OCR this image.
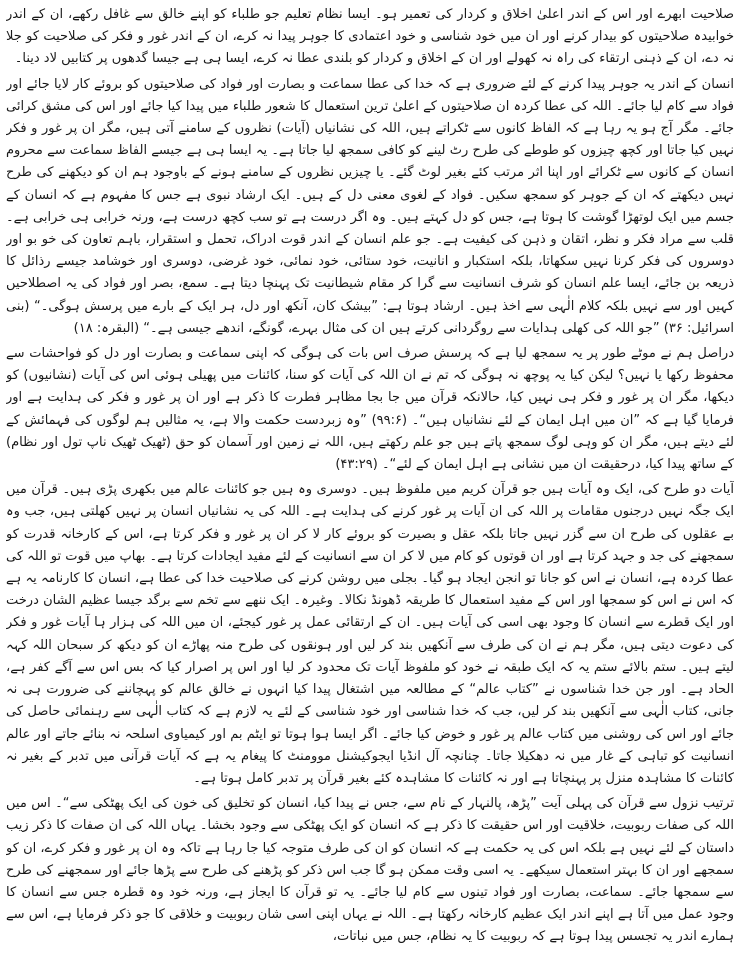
صلاحیت ابھرے اور اس کے اندر اعلیٰ اخلاق و کردار کی تعمیر ہو۔ ایسا نظام تعلیم جو طلباء کو اپنے خالق سے غافل رکھے، ان کے اندر خوابیدہ صلاحیتوں کو بیدار کرنے اور ان میں خود شناسی و خود اعتمادی کا جوہر پیدا نہ کرے، ان کے اندر غور و فکر کی صلاحیت کو جلا نہ دے، ان کے ذہنی ارتقاء کی راہ نہ کھولے اور ان کے اخلاق و کردار کو بلندی عطا نہ کرے، ایسا ہی ہے جیسا گدھوں پر کتابیں لاد دینا۔

انسان کے اندر یہ جوہر پیدا کرنے کے لئے ضروری ہے کہ خدا کی عطا سماعت و بصارت اور فواد کی صلاحیتوں کو بروئے کار لایا جائے اور فواد سے کام لیا جائے۔ اللہ کی عطا کردہ ان صلاحیتوں کے اعلیٰ ترین استعمال کا شعور طلباء میں پیدا کیا جائے اور اس کی مشق کرائی جائے۔ مگر آج ہو یہ رہا ہے کہ الفاظ کانوں سے ٹکراتے ہیں، اللہ کی نشانیاں (آیات) نظروں کے سامنے آتی ہیں، مگر ان پر غور و فکر نہیں کیا جاتا اور کچھ چیزوں کو طوطے کی طرح رٹ لینے کو کافی سمجھ لیا جاتا ہے۔ یہ ایسا ہی ہے جیسے الفاظ سماعت سے محروم انسان کے کانوں سے ٹکرائے اور اپنا اثر مرتب کئے بغیر لوٹ گئے۔ یا چیزیں نظروں کے سامنے ہونے کے باوجود ہم ان کو دیکھنے کی طرح نہیں دیکھتے کہ ان کے جوہر کو سمجھ سکیں۔ فواد کے لغوی معنی دل کے ہیں۔ ایک ارشاد نبوی ہے جس کا مفہوم ہے کہ انسان کے جسم میں ایک لوتھڑا گوشت کا ہوتا ہے، جس کو دل کہتے ہیں۔ وہ اگر درست ہے تو سب کچھ درست ہے، ورنہ خرابی ہی خرابی ہے۔ قلب سے مراد فکر و نظر، اتقان و ذہن کی کیفیت ہے۔ جو علم انسان کے اندر قوت ادراک، تحمل و استقرار، باہم تعاون کی خو بو اور دوسروں کی فکر کرنا نہیں سکھاتا، بلکہ استکبار و انانیت، خود ستائی، خود نمائی، خود غرضی، دوسری اور خوشامد جیسے رذائل کا ذریعہ بن جائے، ایسا علم انسان کو شرف انسانیت سے گرا کر مقام شیطانیت تک پہنچا دیتا ہے۔ سمع، بصر اور فواد کی یہ اصطلاحیں کہیں اور سے نہیں بلکہ کلام الٰہی سے اخذ ہیں۔ ارشاد ہوتا ہے: ”بیشک کان، آنکھ اور دل، ہر ایک کے بارے میں پرسش ہوگی۔“ (بنی اسرائیل: ۳۶) ”جو اللہ کی کھلی ہدایات سے روگردانی کرتے ہیں ان کی مثال بہرے، گونگے، اندھے جیسی ہے۔“ (البقرہ: ۱۸)

دراصل ہم نے موٹے طور پر یہ سمجھ لیا ہے کہ پرسش صرف اس بات کی ہوگی کہ اپنی سماعت و بصارت اور دل کو فواحشات سے محفوظ رکھا یا نہیں؟ لیکن کیا یہ پوچھ نہ ہوگی کہ تم نے ان اللہ کی آیات کو سنا، کائنات میں پھیلی ہوئی اس کی آیات (نشانیوں) کو دیکھا، مگر ان پر غور و فکر ہی نہیں کیا، حالانکہ قرآن میں جا بجا مظاہر فطرت کا ذکر ہے اور ان پر غور و فکر کی ہدایت ہے اور فرمایا گیا ہے کہ ”ان میں اہل ایمان کے لئے نشانیاں ہیں“۔ (۹۹:۶) ”وہ زبردست حکمت والا ہے، یہ مثالیں ہم لوگوں کی فہمائش کے لئے دیتے ہیں، مگر ان کو وہی لوگ سمجھ پاتے ہیں جو علم رکھتے ہیں، اللہ نے زمین اور آسمان کو حق (ٹھیک ٹھیک ناپ تول اور نظام) کے ساتھ پیدا کیا، درحقیقت ان میں نشانی ہے اہل ایمان کے لئے“۔ (۴۳:۲۹)

آیات دو طرح کی، ایک وہ آیات ہیں جو قرآن کریم میں ملفوظ ہیں۔ دوسری وہ ہیں جو کائنات عالم میں بکھری پڑی ہیں۔ قرآن میں ایک جگہ نہیں درجنوں مقامات پر اللہ کی ان آیات پر غور کرنے کی ہدایت ہے۔ اللہ کی یہ نشانیاں انسان پر نہیں کھلتی ہیں، جب وہ بے عقلوں کی طرح ان سے گزر نہیں جاتا بلکہ عقل و بصیرت کو بروئے کار لا کر ان پر غور و فکر کرتا ہے، اس کے کارخانہ قدرت کو سمجھنے کی جد و جہد کرتا ہے اور ان قوتوں کو کام میں لا کر ان سے انسانیت کے لئے مفید ایجادات کرتا ہے۔ بھاپ میں قوت تو اللہ کی عطا کردہ ہے، انسان نے اس کو جانا تو انجن ایجاد ہو گیا۔ بجلی میں روشن کرنے کی صلاحیت خدا کی عطا ہے، انسان کا کارنامہ یہ ہے کہ اس نے اس کو سمجھا اور اس کے مفید استعمال کا طریقہ ڈھونڈ نکالا۔ وغیرہ۔ ایک ننھے سے تخم سے برگد جیسا عظیم الشان درخت اور ایک قطرے سے انسان کا وجود بھی اسی کی آیات ہیں۔ ان کے ارتقائی عمل پر غور کیجئے، ان میں اللہ کی ہزار ہا آیات غور و فکر کی دعوت دیتی ہیں، مگر ہم نے ان کی طرف سے آنکھیں بند کر لیں اور ہونقوں کی طرح منہ پھاڑے ان کو دیکھ کر سبحان اللہ کہہ لیتے ہیں۔ ستم بالائے ستم یہ کہ ایک طبقہ نے خود کو ملفوظ آیات تک محدود کر لیا اور اس پر اصرار کیا کہ بس اس سے آگے کفر ہے، الحاد ہے۔ اور جن خدا شناسوں نے ”کتاب عالم“ کے مطالعہ میں اشتغال پیدا کیا انہوں نے خالق عالم کو پہچاننے کی ضرورت ہی نہ جانی، کتاب الٰہی سے آنکھیں بند کر لیں، جب کہ خدا شناسی اور خود شناسی کے لئے یہ لازم ہے کہ کتاب الٰہی سے رہنمائی حاصل کی جائے اور اس کی روشنی میں کتاب عالم پر غور و خوض کیا جائے۔ اگر ایسا ہوا ہوتا تو ایٹم بم اور کیمیاوی اسلحہ نہ بنائے جاتے اور عالم انسانیت کو تباہی کے غار میں نہ دھکیلا جاتا۔ چنانچہ آل انڈیا ایجوکیشنل موومنٹ کا پیغام یہ ہے کہ آیات قرآنی میں تدبر کے بغیر نہ کائنات کا مشاہدہ منزل پر پہنچاتا ہے اور نہ کائنات کا مشاہدہ کئے بغیر قرآن پر تدبر کامل ہوتا ہے۔

ترتیب نزول سے قرآن کی پہلی آیت ”پڑھ، پالنہار کے نام سے، جس نے پیدا کیا، انسان کو تخلیق کی خون کی ایک پھٹکی سے“۔ اس میں اللہ کی صفات ربوبیت، خلاقیت اور اس حقیقت کا ذکر ہے کہ انسان کو ایک پھٹکی سے وجود بخشا۔ یہاں اللہ کی ان صفات کا ذکر زیب داستان کے لئے نہیں ہے بلکہ اس کی یہ حکمت ہے کہ انسان کو ان کی طرف متوجہ کیا جا رہا ہے تاکہ وہ ان پر غور و فکر کرے، ان کو سمجھے اور ان کا بہتر استعمال سیکھے۔ یہ اسی وقت ممکن ہو گا جب اس ذکر کو پڑھنے کی طرح سے پڑھا جائے اور سمجھنے کی طرح سے سمجھا جائے۔ سماعت، بصارت اور فواد تینوں سے کام لیا جائے۔ یہ تو قرآن کا ایجاز ہے، ورنہ خود وہ قطرہ جس سے انسان کا وجود عمل میں آتا ہے اپنے اندر ایک عظیم کارخانہ رکھتا ہے۔ اللہ نے یہاں اپنی اسی شان ربوبیت و خلاقی کا جو ذکر فرمایا ہے، اس سے ہمارے اندر یہ تجسس پیدا ہوتا ہے کہ ربوبیت کا یہ نظام، جس میں نباتات،
